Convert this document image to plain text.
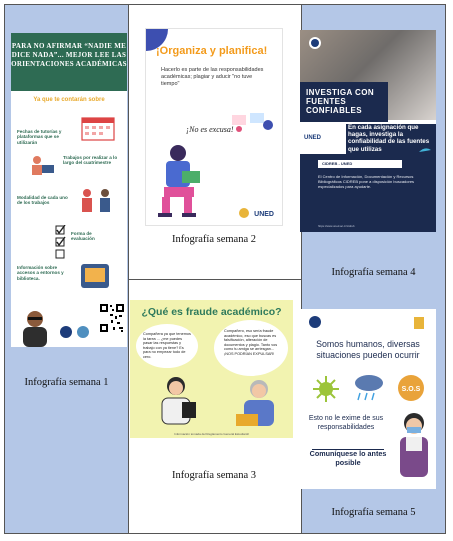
PARA NO AFIRMAR “NADIE ME DICE NADA”... MEJOR LEE LAS ORIENTACIONES ACADÉMICAS
Ya que te contarán sobre
Fechas de tutorías y plataformas que se utilizarán
Trabajos por realizar a lo largo del cuatrimestre
Modalidad de cada uno de los trabajos
Forma de evaluación
Información sobre accesos a entornos y biblioteca.
Infografía semana 1
Infografía semana 4
Infografía semana 5
¡Organiza y planifica!
Hacerlo es parte de las responsabilidades académicas; plagiar y aducir "no tuve tiempo"
¡No es excusa!
UNED
Infografía semana 2
¿Qué es fraude académico?
Compañera ya que tenemos la tarea ... ¿me puedes pasar las respuestas y trabajo con ya tiene? Es para no empezar todo de cero.
Compañero, eso sería fraude académico, eso que buscas es falsificación, alteración de documentos y plagio. Tanto vos como tu amiga se arriesgan... ¡NOS PODRÍAN EXPULSAR!
Información tomada del Reglamento General Estudiantil
Infografía semana 3
INVESTIGA CON FUENTES CONFIABLES
En cada asignación que hagas, investiga la confiabilidad de las fuentes que utilizas
CIDREB - UNED
El Centro de Información, Documentación y Recursos Bibliográficos CIDREB pone a disposición buscadores especializados para ayudarte.
https://www.uned.ac.cr/cidreb
UNED
Somos humanos, diversas situaciones pueden ocurrir
S.O.S
Esto no le exime de sus responsabilidades
Comuníquese lo antes posible
